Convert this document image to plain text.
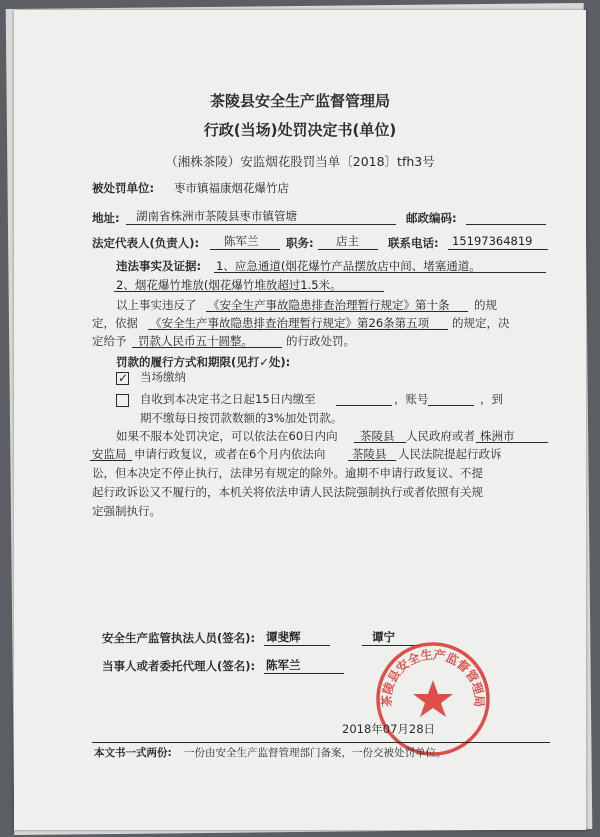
茶陵县安全生产监督管理局
行政(当场)处罚决定书(单位)
（湘株茶陵）安监烟花股罚当单〔2018〕tfh3号
被处罚单位: 枣市镇福康烟花爆竹店
地址: 湖南省株洲市茶陵县枣市镇管塘	邮政编码:
法定代表人(负责人): 陈军兰 职务: 店主	联系电话: 15197364819
违法事实及证据: 1、应急通道(烟花爆竹产品摆放店中间、堵塞通道。
2、烟花爆竹堆放(烟花爆竹堆放超过1.5米。
以上事实违反了 《安全生产事故隐患排查治理暂行规定》第十条 的规
定，依据 《安全生产事故隐患排查治理暂行规定》第26条第五项 的规定，决
定给予 罚款人民币五十圆整。	的行政处罚。
罚款的履行方式和期限(见打✓处):
✓ 当场缴纳
自收到本决定书之日起15日内缴至	，账号	，到
期不缴每日按罚款数额的3%加处罚款。
如果不服本处罚决定，可以依法在60日内向 茶陵县 人民政府或者 株洲市
安监局 申请行政复议，或者在6个月内依法向 茶陵县 人民法院提起行政诉
讼，但本决定不停止执行，法律另有规定的除外。逾期不申请行政复议、不提
起行政诉讼又不履行的，本机关将依法申请人民法院强制执行或者依照有关规
定强制执行。
安全生产监管执法人员(签名): 谭斐辉	谭宁
当事人或者委托代理人(签名): 陈军兰
茶陵县安全生产监督管理局
2018年07月28日
本文书一式两份: 一份由安全生产监督管理部门备案，一份交被处罚单位。
